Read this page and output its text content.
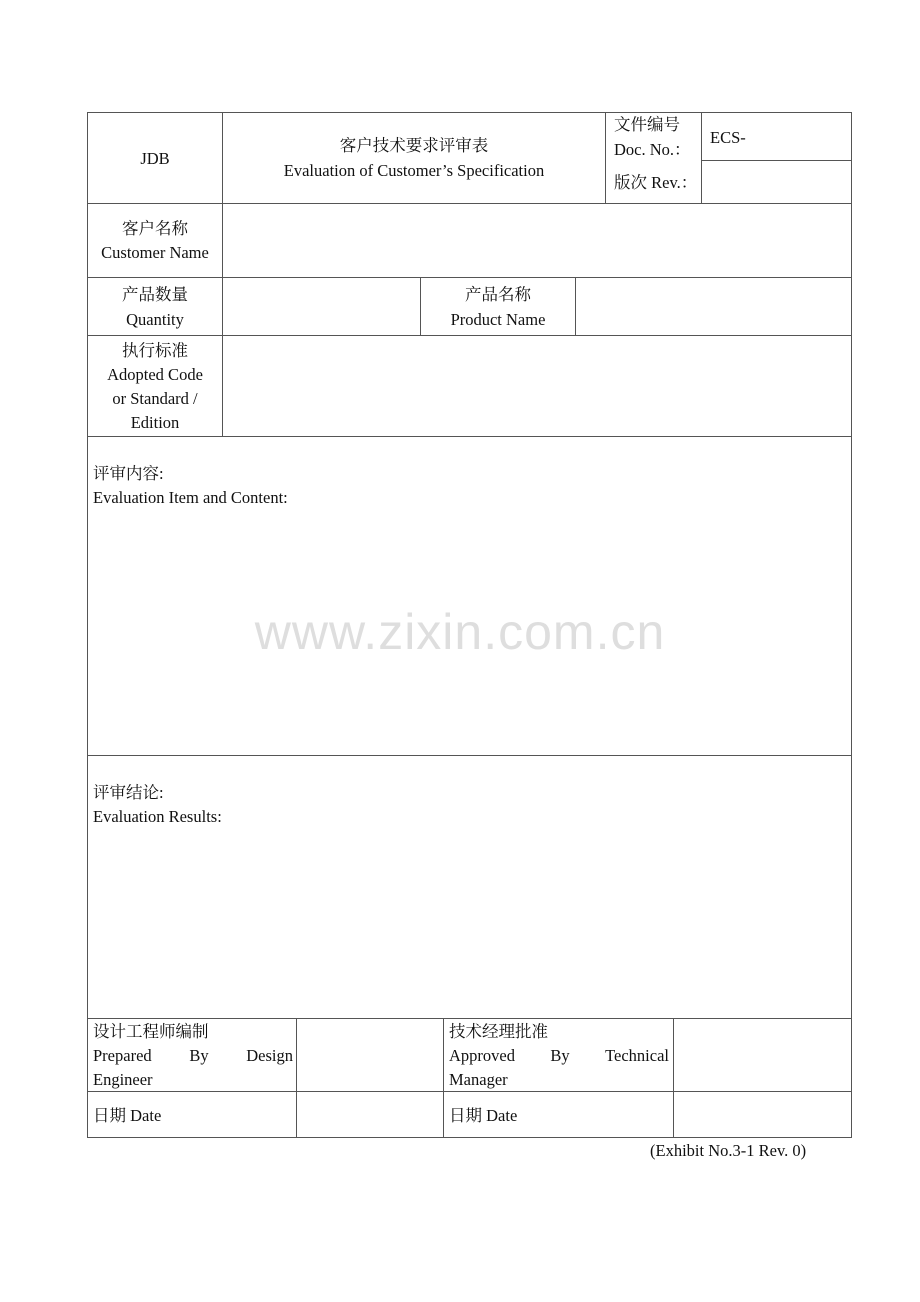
JDB
客户技术要求评审表
Evaluation of Customer’s Specification
文件编号
Doc. No.：
ECS-
版次 Rev.：
客户名称
Customer Name
产品数量
Quantity
产品名称
Product Name
执行标准
Adopted Code
or Standard /
Edition
评审内容:
Evaluation Item and Content:
评审结论:
Evaluation Results:
设计工程师编制
Prepared By Design
Engineer
技术经理批准
Approved By Technical
Manager
日期 Date	日期 Date
(Exhibit No.3-1 Rev. 0)
www.zixin.com.cn
